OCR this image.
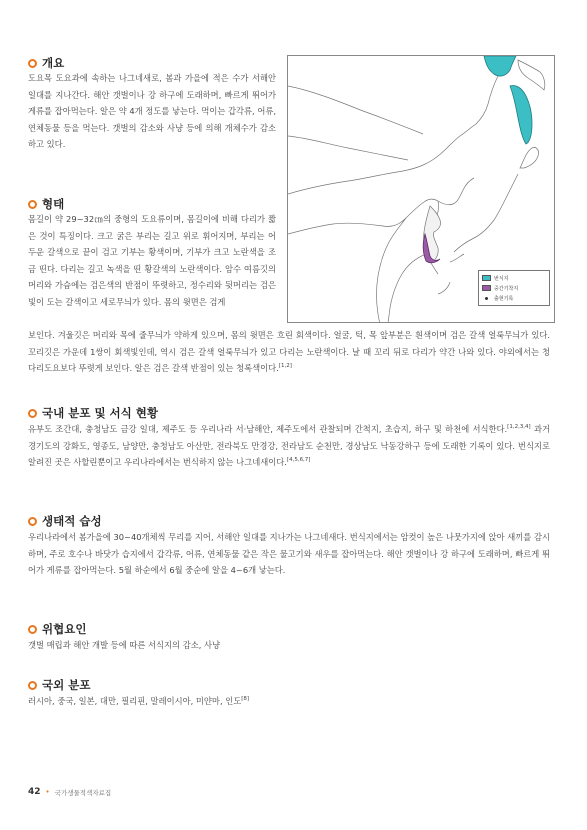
개요
도요목 도요과에 속하는 나그네새로, 봄과 가을에 적은 수가 서해안 일대를 지나간다. 해안 갯벌이나 강 하구에 도래하며, 빠르게 뛰어가 게류를 잡아먹는다. 알은 약 4개 정도를 낳는다. 먹이는 갑각류, 어류, 연체동물 등을 먹는다. 갯벌의 감소와 사냥 등에 의해 개체수가 감소하고 있다.
형태
몸길이 약 29~32㎝의 중형의 도요류이며, 몸길이에 비해 다리가 짧은 것이 특징이다. 크고 굵은 부리는 길고 위로 휘어지며, 부리는 어두운 갈색으로 끝이 검고 기부는 황색이며, 기부가 크고 노란색을 조금 띤다. 다리는 길고 녹색을 띤 황갈색의 노란색이다. 암수 여름깃의 머리와 가슴에는 검은색의 반점이 뚜렷하고, 정수리와 뒷머리는 검은빛이 도는 갈색이고 세로무늬가 있다. 몸의 윗면은 검게
보인다. 겨울깃은 머리와 목에 줄무늬가 약하게 있으며, 몸의 윗면은 흐린 회색이다. 얼굴, 턱, 목 앞부분은 흰색이며 검은 갈색 얼룩무늬가 있다. 꼬리깃은 가운데 1쌍이 회색빛인데, 역시 검은 갈색 얼룩무늬가 있고 다리는 노란색이다. 날 때 꼬리 뒤로 다리가 약간 나와 있다. 야외에서는 청다리도요보다 뚜렷게 보인다. 알은 검은 갈색 반점이 있는 청록색이다.[1,2]
번식지
중간기착지
출현기록
국내 분포 및 서식 현황
유부도 조간대, 충청남도 금강 일대, 제주도 등 우리나라 서·남해안, 제주도에서 관찰되며 간척지, 초습지, 하구 및 하천에 서식한다.[1,2,3,4] 과거 경기도의 강화도, 영종도, 남양만, 충청남도 아산만, 전라북도 만경강, 전라남도 순천만, 경상남도 낙동강하구 등에 도래한 기록이 있다. 번식지로 알려진 곳은 사할린뿐이고 우리나라에서는 번식하지 않는 나그네새이다.[4,5,6,7]
생태적 습성
우리나라에서 봄가을에 30~40개체씩 무리를 지어, 서해안 일대를 지나가는 나그네새다. 번식지에서는 암컷이 높은 나뭇가지에 앉아 새끼를 감시하며, 주로 호수나 바닷가 습지에서 갑각류, 어류, 연체동물 같은 작은 물고기와 새우를 잡아먹는다. 해안 갯벌이나 강 하구에 도래하며, 빠르게 뛰어가 게류를 잡아먹는다. 5월 하순에서 6월 중순에 알을 4~6개 낳는다.
위협요인
갯벌 매립과 해안 개발 등에 따른 서식지의 감소, 사냥
국외 분포
러시아, 중국, 일본, 대만, 필리핀, 말레이시아, 미얀마, 인도[8]
42 • 국가생물적색자료집
